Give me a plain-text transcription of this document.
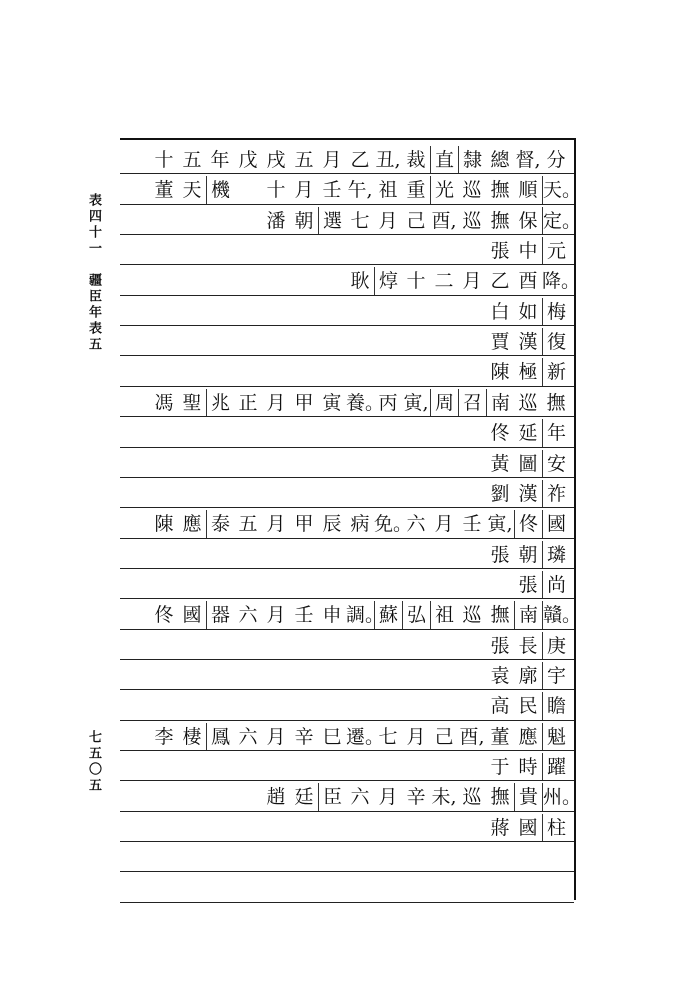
表四十一　疆臣年表五
七五〇五
十 五 年 戊 戌 五 月 乙 丑, 裁 直 隸 總 督, 分
董 天 機 十 月 壬 午, 祖 重 光 巡 撫 順 天。
潘 朝 選 七 月 己 酉, 巡 撫 保 定。
張 中 元
耿 焞 十 二 月 乙 酉 降。
白 如 梅
賈 漢 復
陳 極 新
馮 聖 兆 正 月 甲 寅 養。
丙 寅, 周 召 南 巡 撫
佟 延 年
黃 圖 安
劉 漢 祚
陳 應 泰 五 月 甲 辰 病 免。
六 月 壬 寅, 佟 國
張 朝 璘
張 尚
佟 國 器 六 月 壬 申 調。
蘇 弘 祖 巡 撫 南 贛。
張 長 庚
袁 廓 宇
高 民 瞻
李 棲 鳳 六 月 辛 巳 遷。
七 月 己 酉, 董 應 魁
于 時 躍
趙 廷 臣 六 月 辛 未, 巡 撫 貴 州。
蔣 國 柱
